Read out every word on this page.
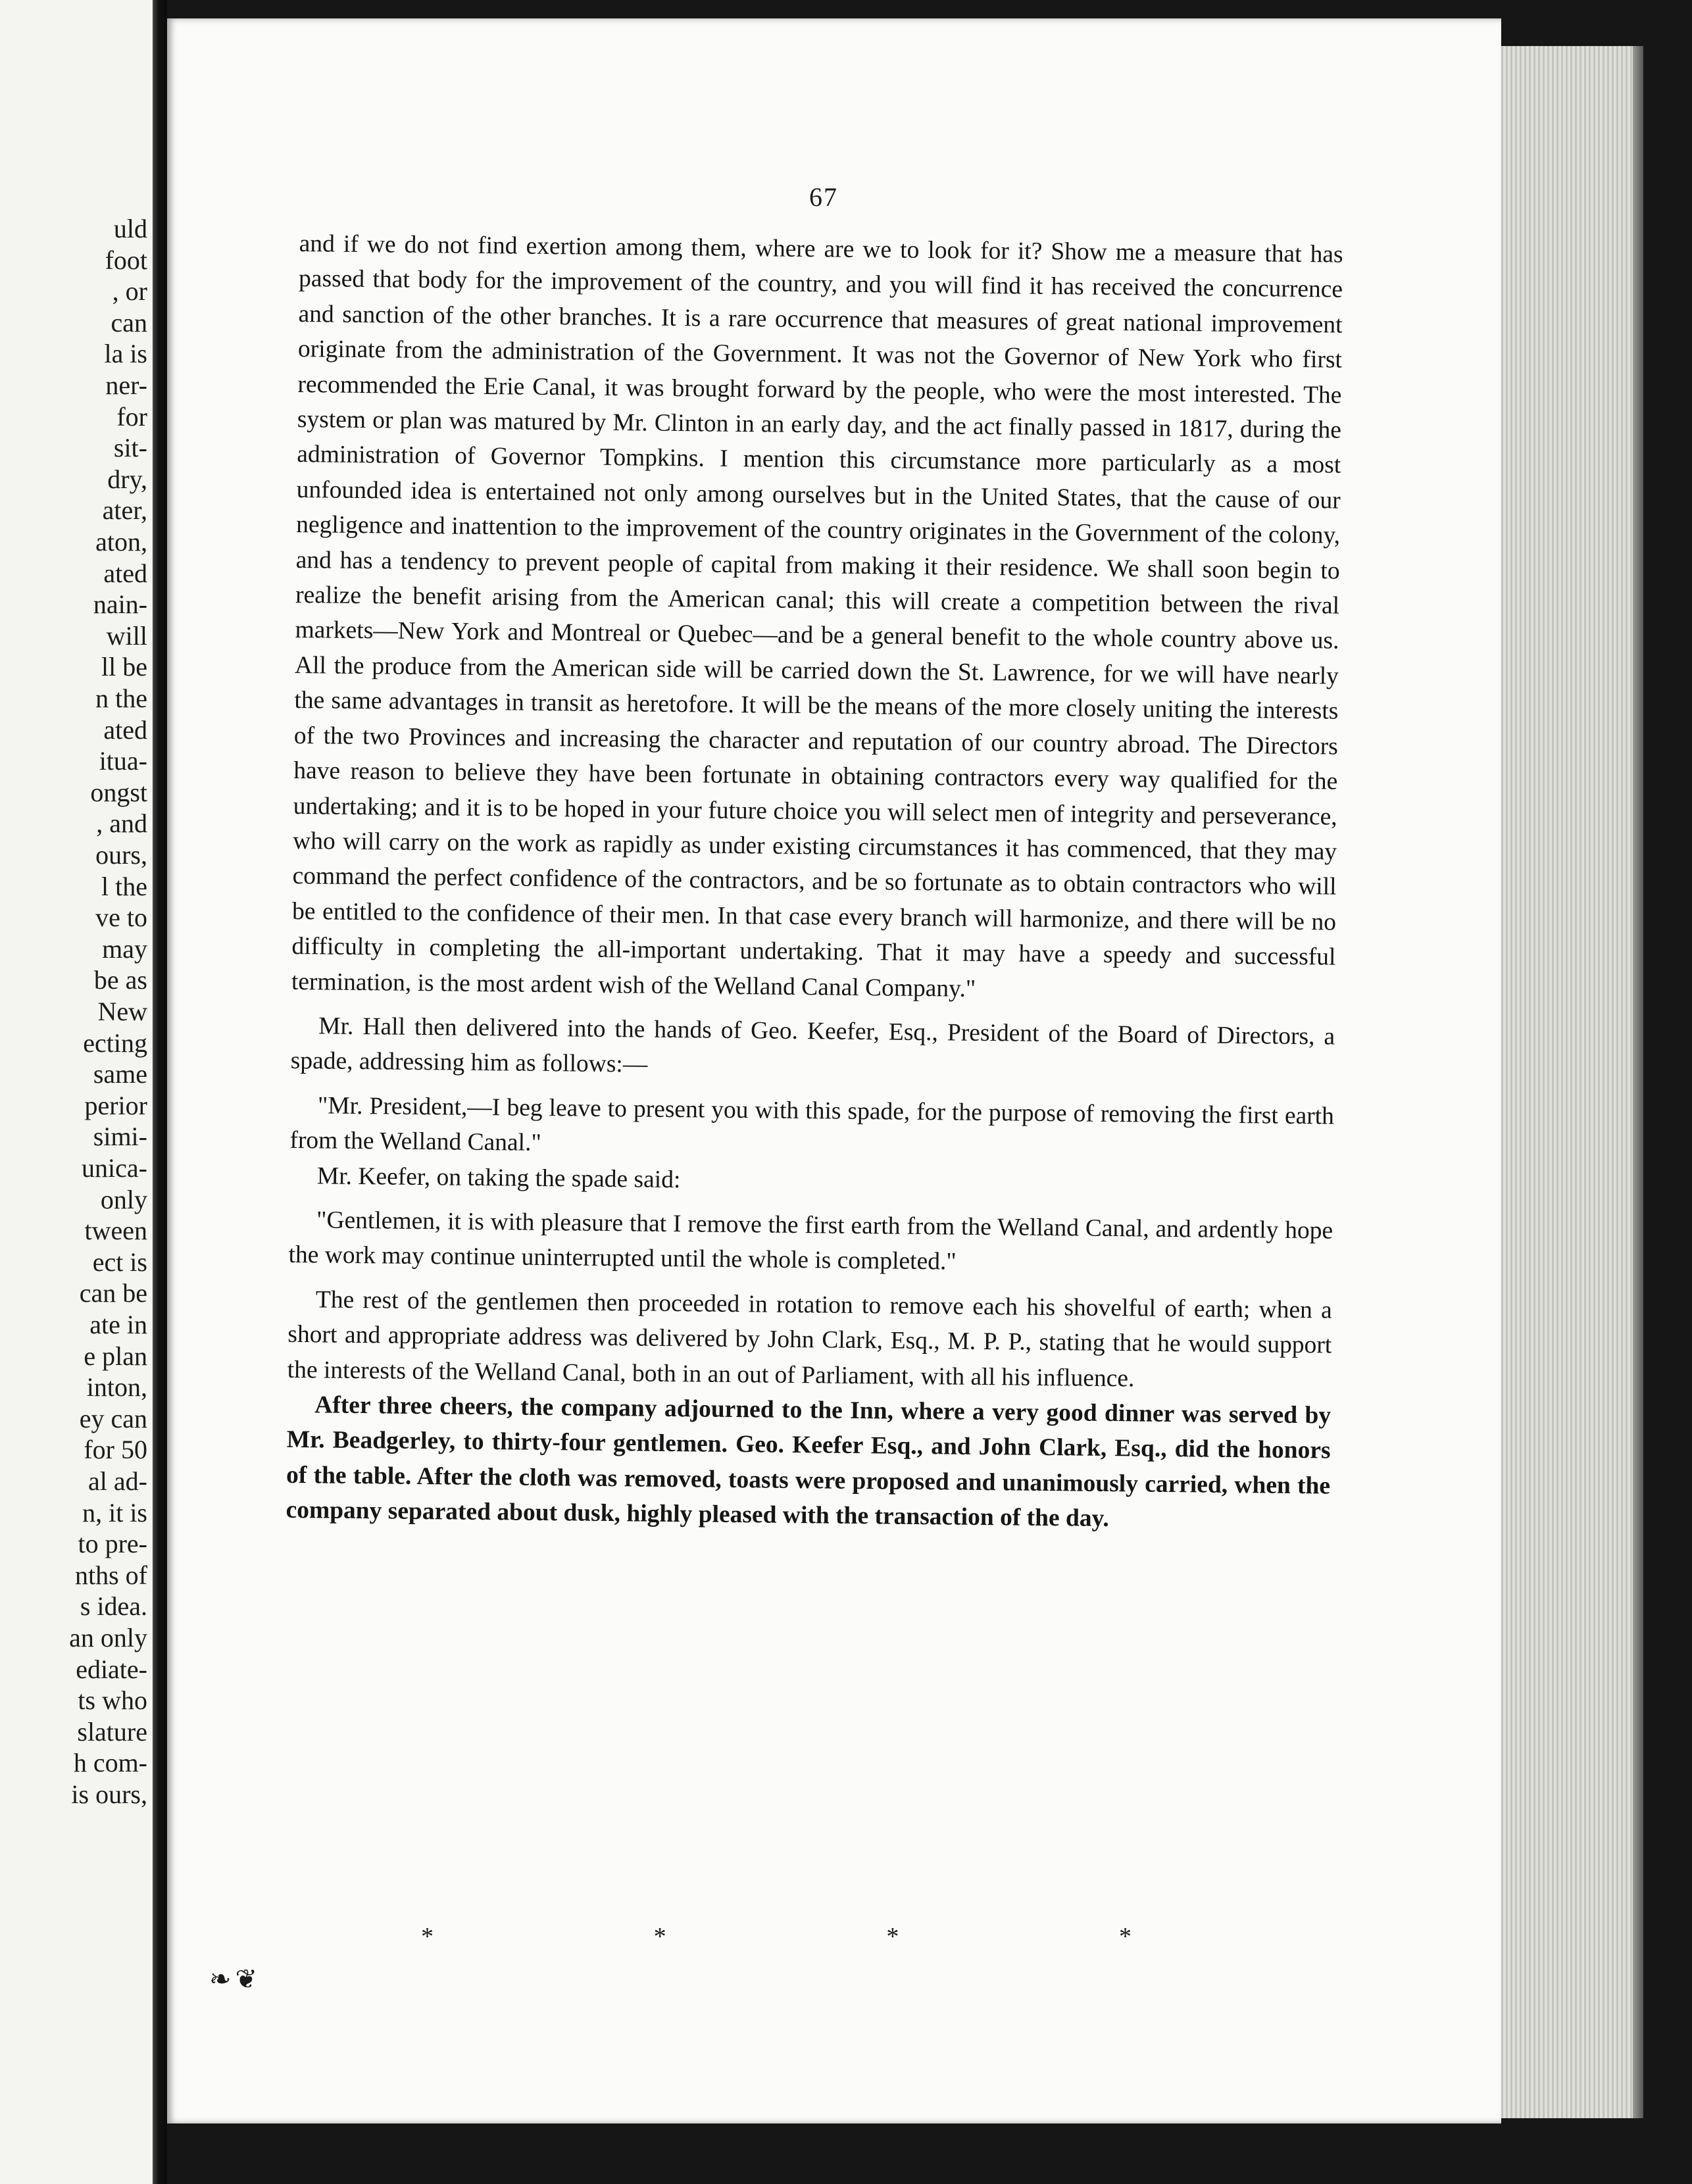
uld
foot
, or
can
la is
ner-
for
sit-
dry,
ater,
aton,
ated
nain-
will
ll be
n the
ated
itua-
ongst
, and
ours,
l the
ve to
may
be as
New
ecting
same
perior
simi-
unica-
only
tween
ect is
can be
ate in
e plan
inton,
ey can
for 50
al ad-
n, it is
to pre-
nths of
s idea.
an only
ediate-
ts who
slature
h com-
is ours,
67

and if we do not find exertion among them, where are we to look for it? Show me a measure that has passed that body for the improvement of the country, and you will find it has received the concurrence and sanction of the other branches. It is a rare occurrence that measures of great national improvement originate from the administration of the Government. It was not the Governor of New York who first recommended the Erie Canal, it was brought forward by the people, who were the most interested. The system or plan was matured by Mr. Clinton in an early day, and the act finally passed in 1817, during the administration of Governor Tompkins. I mention this circumstance more particularly as a most unfounded idea is entertained not only among ourselves but in the United States, that the cause of our negligence and inattention to the improvement of the country originates in the Government of the colony, and has a tendency to prevent people of capital from making it their residence. We shall soon begin to realize the benefit arising from the American canal; this will create a competition between the rival markets—New York and Montreal or Quebec—and be a general benefit to the whole country above us. All the produce from the American side will be carried down the St. Lawrence, for we will have nearly the same advantages in transit as heretofore. It will be the means of the more closely uniting the interests of the two Provinces and increasing the character and reputation of our country abroad. The Directors have reason to believe they have been fortunate in obtaining contractors every way qualified for the undertaking; and it is to be hoped in your future choice you will select men of integrity and perseverance, who will carry on the work as rapidly as under existing circumstances it has commenced, that they may command the perfect confidence of the contractors, and be so fortunate as to obtain contractors who will be entitled to the confidence of their men. In that case every branch will harmonize, and there will be no difficulty in completing the all-important undertaking. That it may have a speedy and successful termination, is the most ardent wish of the Welland Canal Company."

Mr. Hall then delivered into the hands of Geo. Keefer, Esq., President of the Board of Directors, a spade, addressing him as follows:—

"Mr. President,—I beg leave to present you with this spade, for the purpose of removing the first earth from the Welland Canal."

Mr. Keefer, on taking the spade said:

"Gentlemen, it is with pleasure that I remove the first earth from the Welland Canal, and ardently hope the work may continue uninterrupted until the whole is completed."

The rest of the gentlemen then proceeded in rotation to remove each his shovelful of earth; when a short and appropriate address was delivered by John Clark, Esq., M. P. P., stating that he would support the interests of the Welland Canal, both in an out of Parliament, with all his influence.

After three cheers, the company adjourned to the Inn, where a very good dinner was served by Mr. Beadgerley, to thirty-four gentlemen. Geo. Keefer Esq., and John Clark, Esq., did the honors of the table. After the cloth was removed, toasts were proposed and unanimously carried, when the company separated about dusk, highly pleased with the transaction of the day.

*	*	*	*
❧❦
